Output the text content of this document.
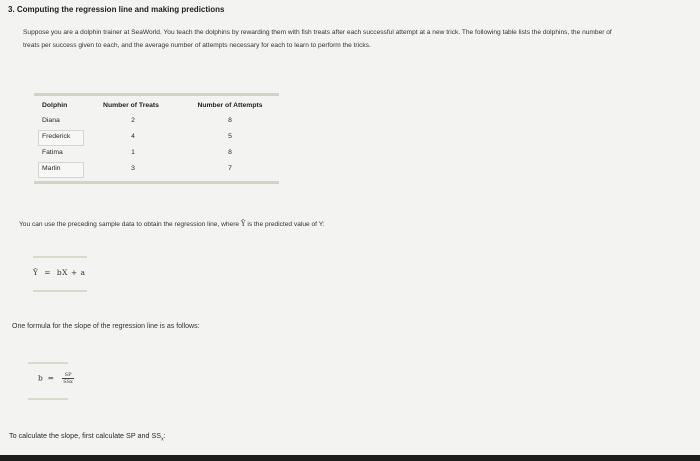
3. Computing the regression line and making predictions
Suppose you are a dolphin trainer at SeaWorld. You teach the dolphins by rewarding them with fish treats after each successful attempt at a new trick. The following table lists the dolphins, the number of treats per success given to each, and the average number of attempts necessary for each to learn to perform the tricks.
Dolphin	Number of Treats	Number of Attempts
Diana	2	8
Frederick	4	5
Fatima	1	8
Marlin	3	7
You can use the preceding sample data to obtain the regression line, where Ŷ is the predicted value of Y:
Ŷ = bX + a
One formula for the slope of the regression line is as follows:
$b = \frac{SP}{\text{SSx}}$
To calculate the slope, first calculate SP and $SS_x$:
